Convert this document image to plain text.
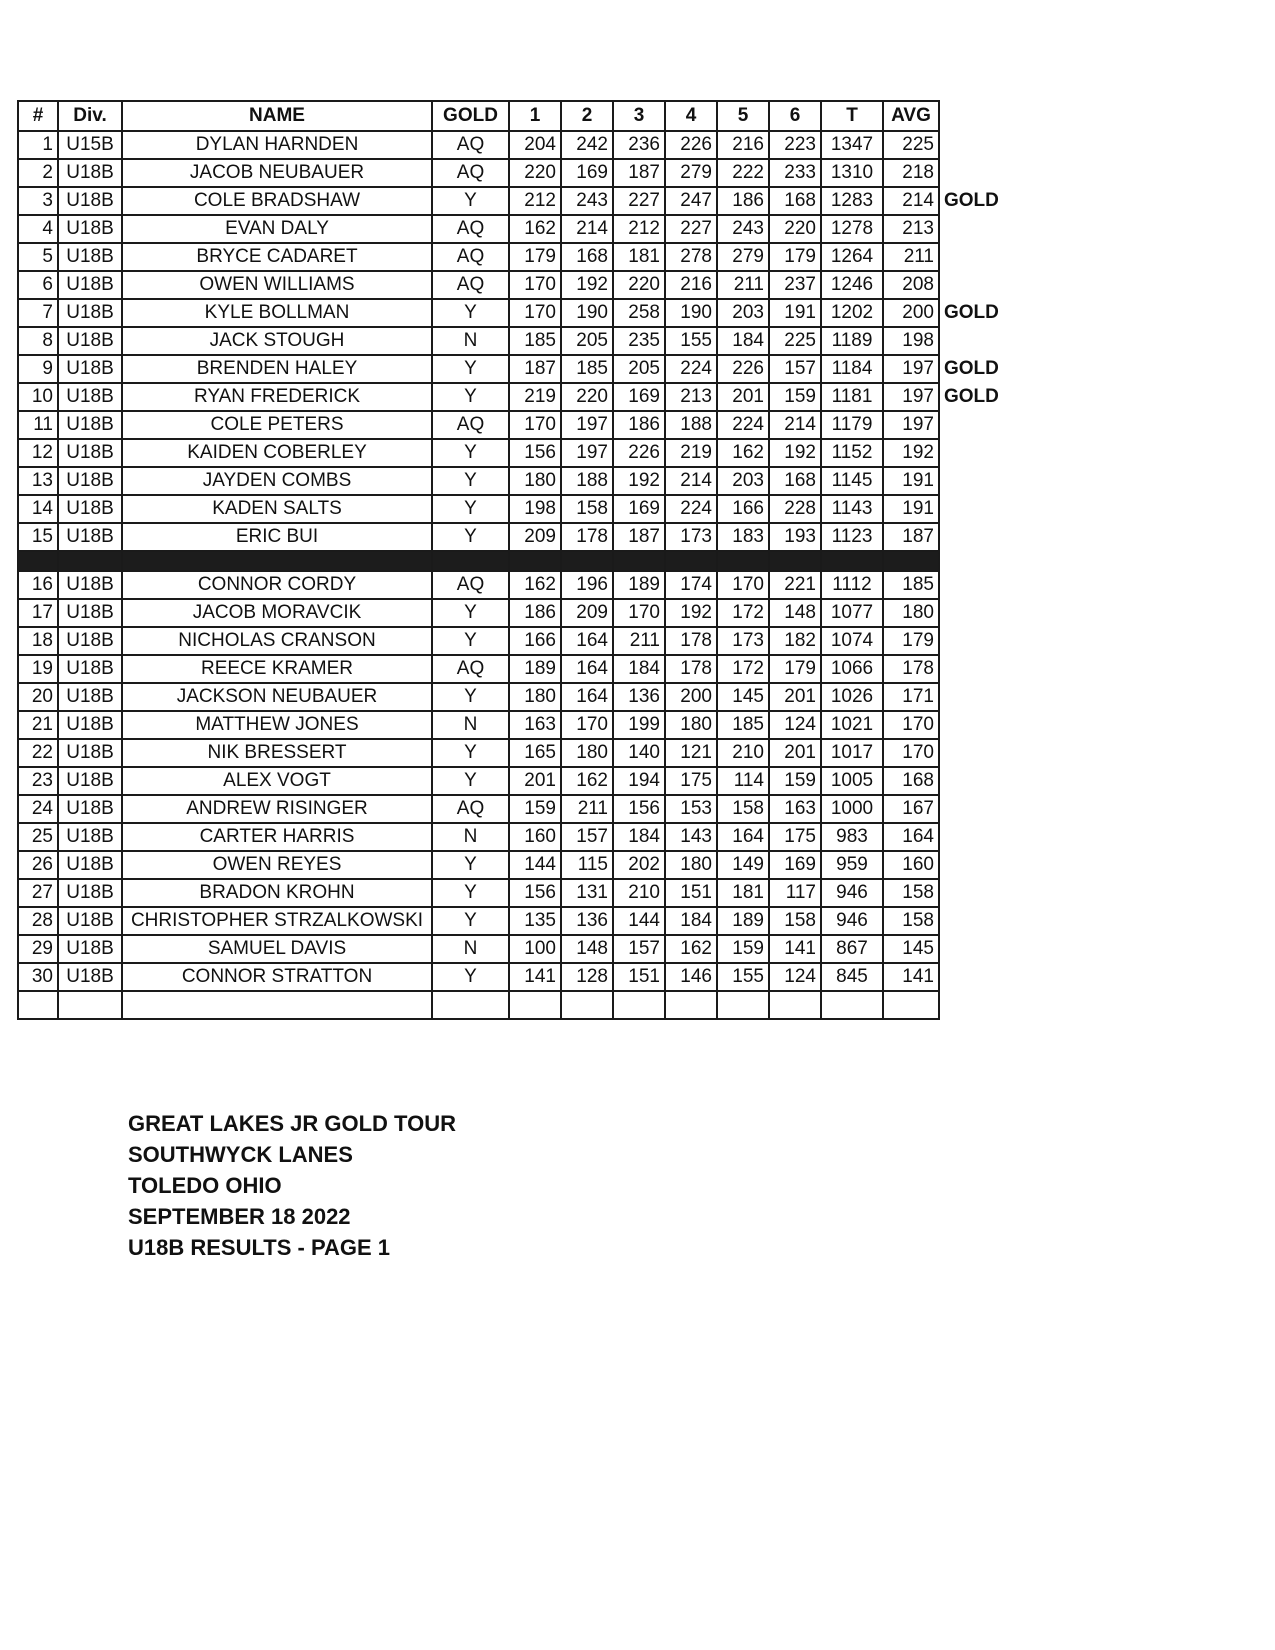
#	Div.	NAME	GOLD	1	2	3	4	5	6	T	AVG	
1	U15B	DYLAN HARNDEN	AQ	204	242	236	226	216	223	1347	225	
2	U18B	JACOB NEUBAUER	AQ	220	169	187	279	222	233	1310	218	
3	U18B	COLE BRADSHAW	Y	212	243	227	247	186	168	1283	214	GOLD
4	U18B	EVAN DALY	AQ	162	214	212	227	243	220	1278	213	
5	U18B	BRYCE CADARET	AQ	179	168	181	278	279	179	1264	211	
6	U18B	OWEN WILLIAMS	AQ	170	192	220	216	211	237	1246	208	
7	U18B	KYLE BOLLMAN	Y	170	190	258	190	203	191	1202	200	GOLD
8	U18B	JACK STOUGH	N	185	205	235	155	184	225	1189	198	
9	U18B	BRENDEN HALEY	Y	187	185	205	224	226	157	1184	197	GOLD
10	U18B	RYAN FREDERICK	Y	219	220	169	213	201	159	1181	197	GOLD
11	U18B	COLE PETERS	AQ	170	197	186	188	224	214	1179	197	
12	U18B	KAIDEN COBERLEY	Y	156	197	226	219	162	192	1152	192	
13	U18B	JAYDEN COMBS	Y	180	188	192	214	203	168	1145	191	
14	U18B	KADEN SALTS	Y	198	158	169	224	166	228	1143	191	
15	U18B	ERIC BUI	Y	209	178	187	173	183	193	1123	187	

16	U18B	CONNOR CORDY	AQ	162	196	189	174	170	221	1112	185	
17	U18B	JACOB MORAVCIK	Y	186	209	170	192	172	148	1077	180	
18	U18B	NICHOLAS CRANSON	Y	166	164	211	178	173	182	1074	179	
19	U18B	REECE KRAMER	AQ	189	164	184	178	172	179	1066	178	
20	U18B	JACKSON NEUBAUER	Y	180	164	136	200	145	201	1026	171	
21	U18B	MATTHEW JONES	N	163	170	199	180	185	124	1021	170	
22	U18B	NIK BRESSERT	Y	165	180	140	121	210	201	1017	170	
23	U18B	ALEX VOGT	Y	201	162	194	175	114	159	1005	168	
24	U18B	ANDREW RISINGER	AQ	159	211	156	153	158	163	1000	167	
25	U18B	CARTER HARRIS	N	160	157	184	143	164	175	983	164	
26	U18B	OWEN REYES	Y	144	115	202	180	149	169	959	160	
27	U18B	BRADON KROHN	Y	156	131	210	151	181	117	946	158	
28	U18B	CHRISTOPHER STRZALKOWSKI	Y	135	136	144	184	189	158	946	158	
29	U18B	SAMUEL DAVIS	N	100	148	157	162	159	141	867	145	
30	U18B	CONNOR STRATTON	Y	141	128	151	146	155	124	845	141	

GREAT LAKES JR GOLD TOUR
SOUTHWYCK LANES
TOLEDO OHIO
SEPTEMBER 18 2022
U18B RESULTS - PAGE 1
